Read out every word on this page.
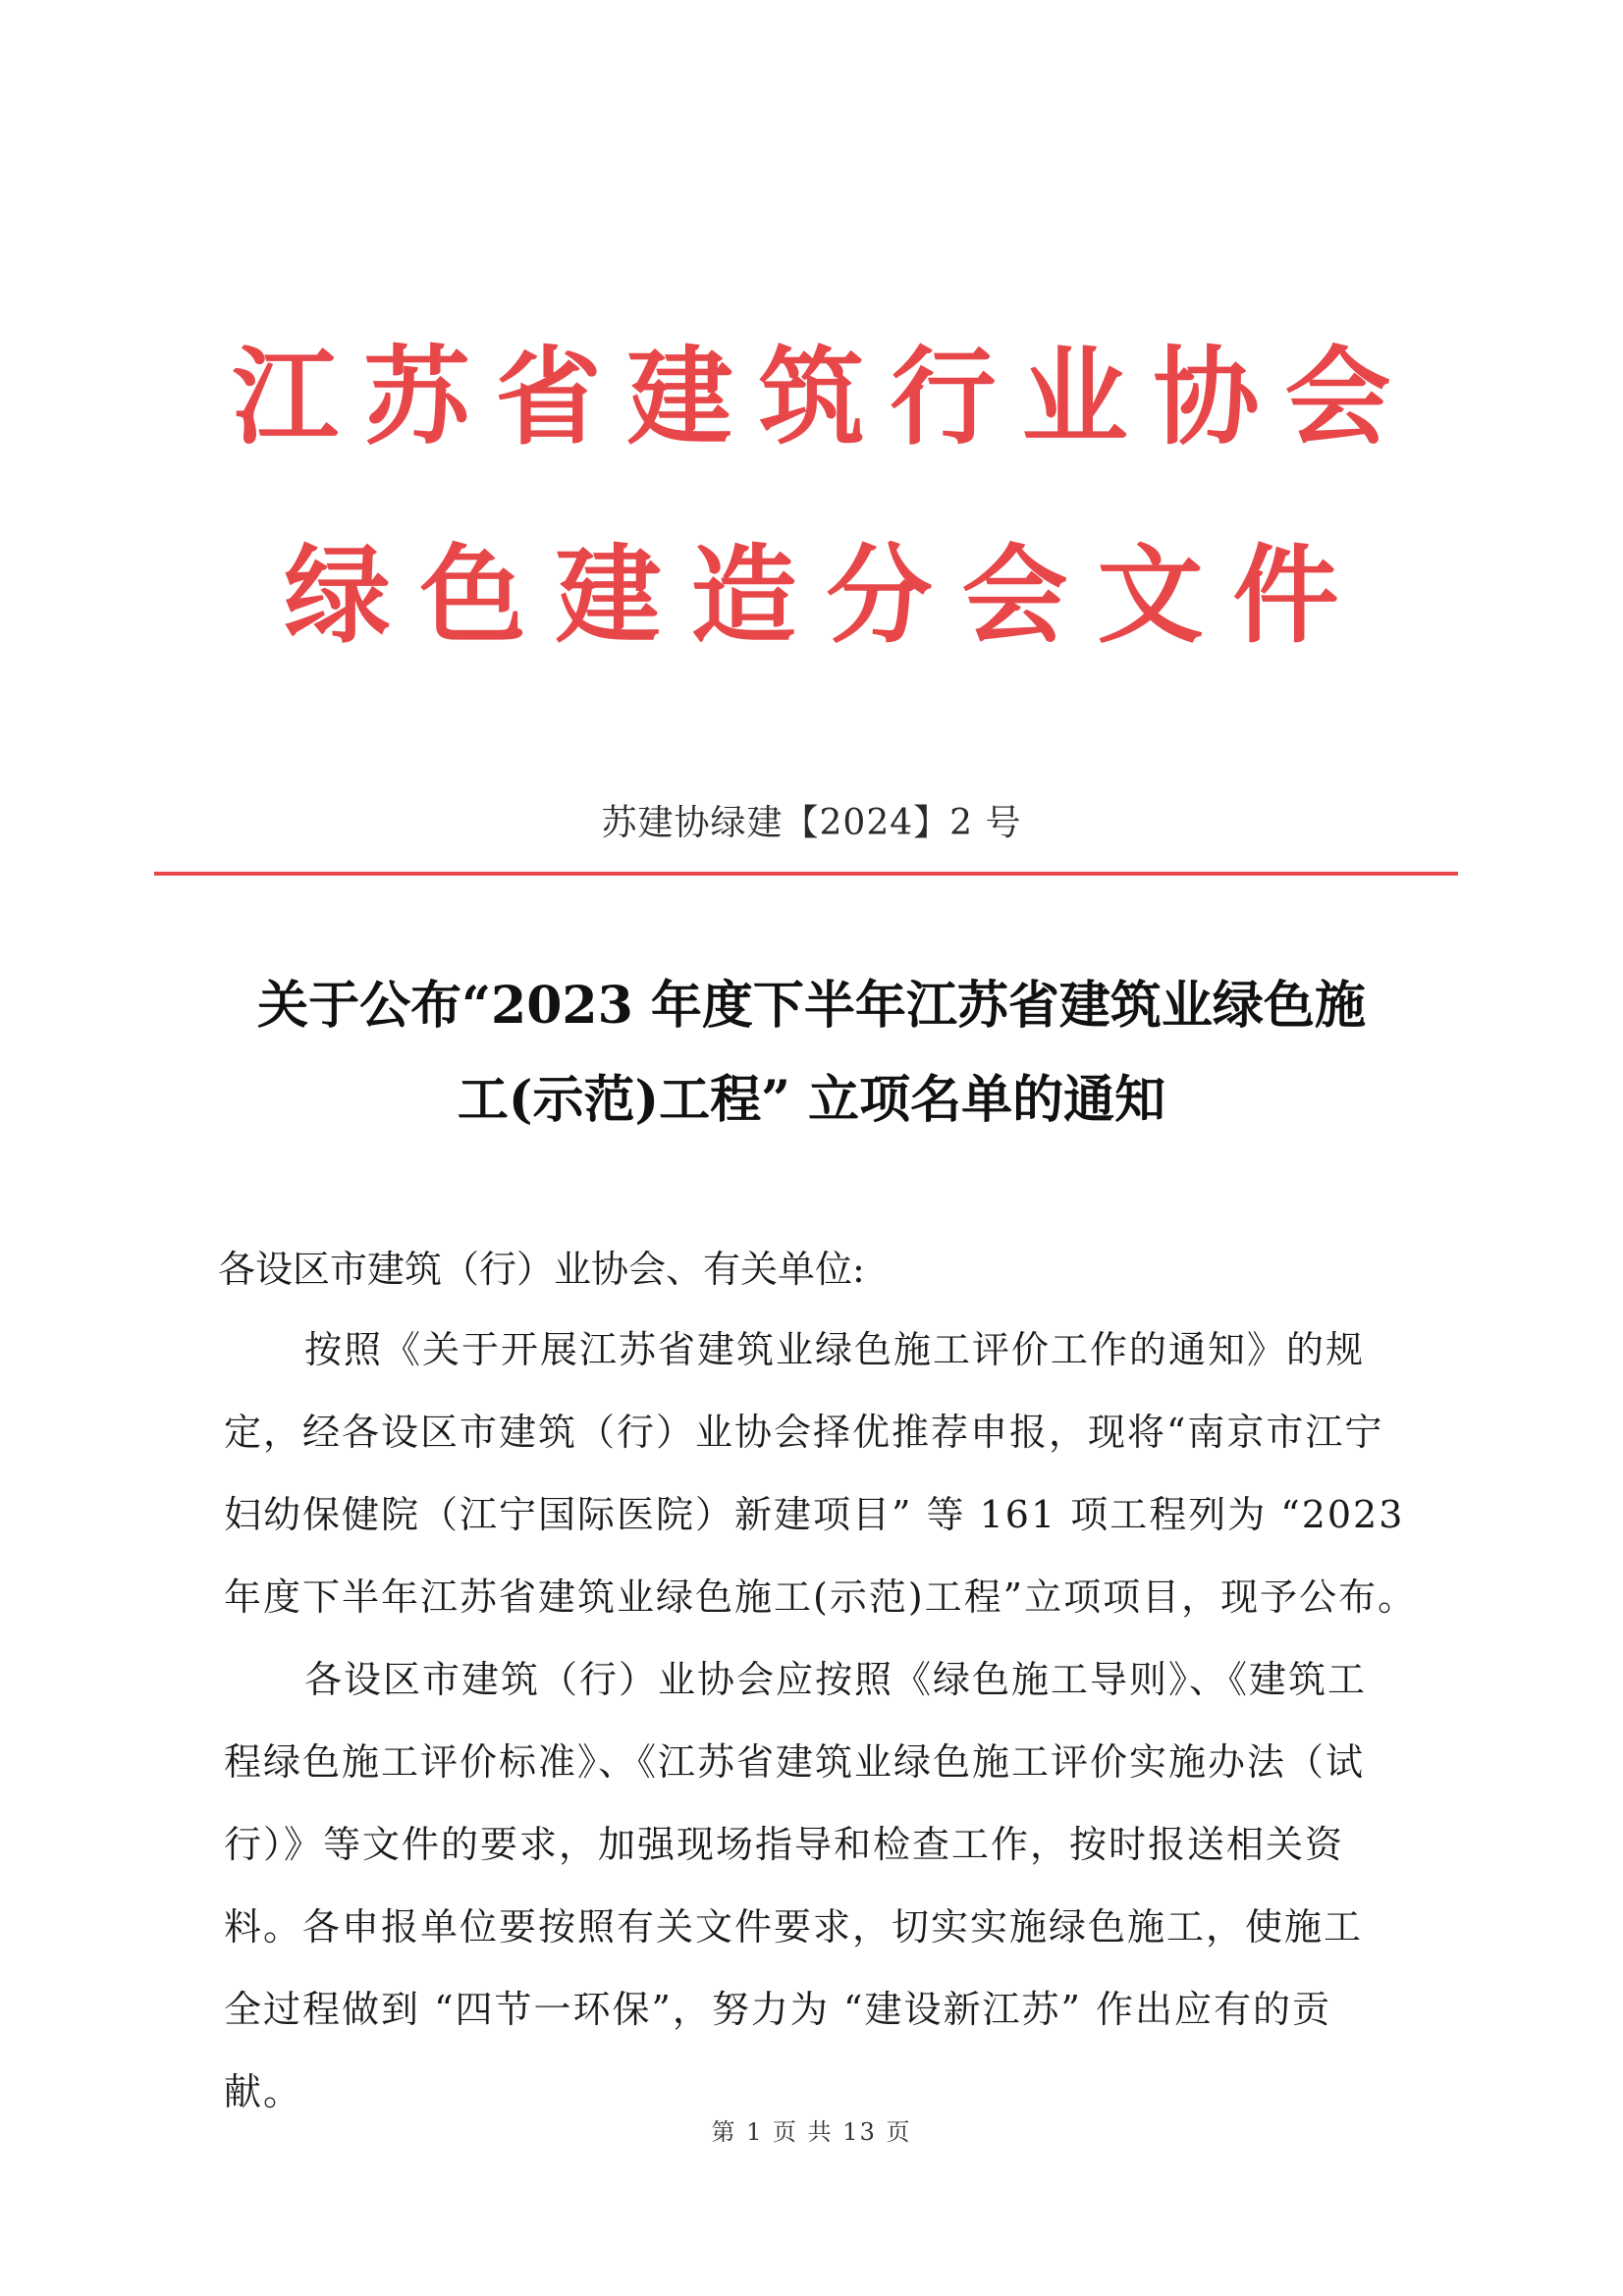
江苏省建筑行业协会
绿色建造分会文件
苏建协绿建【2024】2 号
关于公布“2023 年度下半年江苏省建筑业绿色施
工(示范)工程” 立项名单的通知
各设区市建筑（行）业协会、有关单位:
按照《关于开展江苏省建筑业绿色施工评价工作的通知》的规
定，经各设区市建筑（行）业协会择优推荐申报，现将“南京市江宁
妇幼保健院（江宁国际医院）新建项目” 等 161 项工程列为 “2023
年度下半年江苏省建筑业绿色施工(示范)工程”立项项目，现予公布。
各设区市建筑（行）业协会应按照《绿色施工导则》、《建筑工
程绿色施工评价标准》、《江苏省建筑业绿色施工评价实施办法（试
行）》等文件的要求，加强现场指导和检查工作，按时报送相关资
料。各申报单位要按照有关文件要求，切实实施绿色施工，使施工
全过程做到 “四节一环保”，努力为 “建设新江苏” 作出应有的贡
献。
第 1 页 共 13 页
